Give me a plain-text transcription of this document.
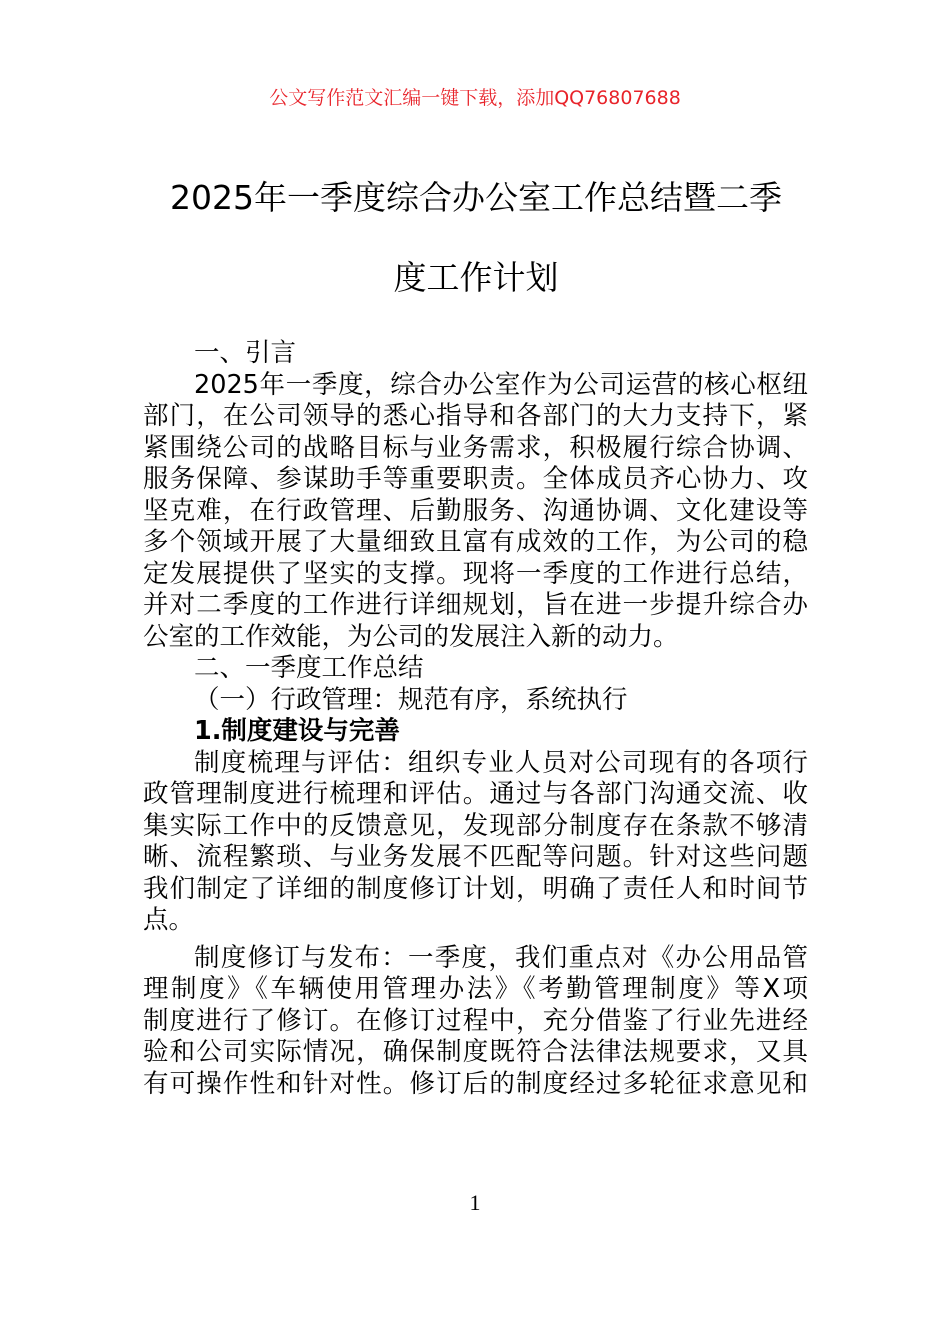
公文写作范文汇编一键下载，添加QQ76807688
2025年一季度综合办公室工作总结暨二季
度工作计划
一、引言
2025年一季度，综合办公室作为公司运营的核心枢纽
部门，在公司领导的悉心指导和各部门的大力支持下，紧
紧围绕公司的战略目标与业务需求，积极履行综合协调、
服务保障、参谋助手等重要职责。全体成员齐心协力、攻
坚克难，在行政管理、后勤服务、沟通协调、文化建设等
多个领域开展了大量细致且富有成效的工作，为公司的稳
定发展提供了坚实的支撑。现将一季度的工作进行总结，
并对二季度的工作进行详细规划，旨在进一步提升综合办
公室的工作效能，为公司的发展注入新的动力。
二、一季度工作总结
（一）行政管理：规范有序，系统执行
1.制度建设与完善
制度梳理与评估：组织专业人员对公司现有的各项行
政管理制度进行梳理和评估。通过与各部门沟通交流、收
集实际工作中的反馈意见，发现部分制度存在条款不够清
晰、流程繁琐、与业务发展不匹配等问题。针对这些问题
我们制定了详细的制度修订计划，明确了责任人和时间节
点。
制度修订与发布：一季度，我们重点对《办公用品管
理制度》《车辆使用管理办法》《考勤管理制度》等X项
制度进行了修订。在修订过程中，充分借鉴了行业先进经
验和公司实际情况，确保制度既符合法律法规要求，又具
有可操作性和针对性。修订后的制度经过多轮征求意见和
1
